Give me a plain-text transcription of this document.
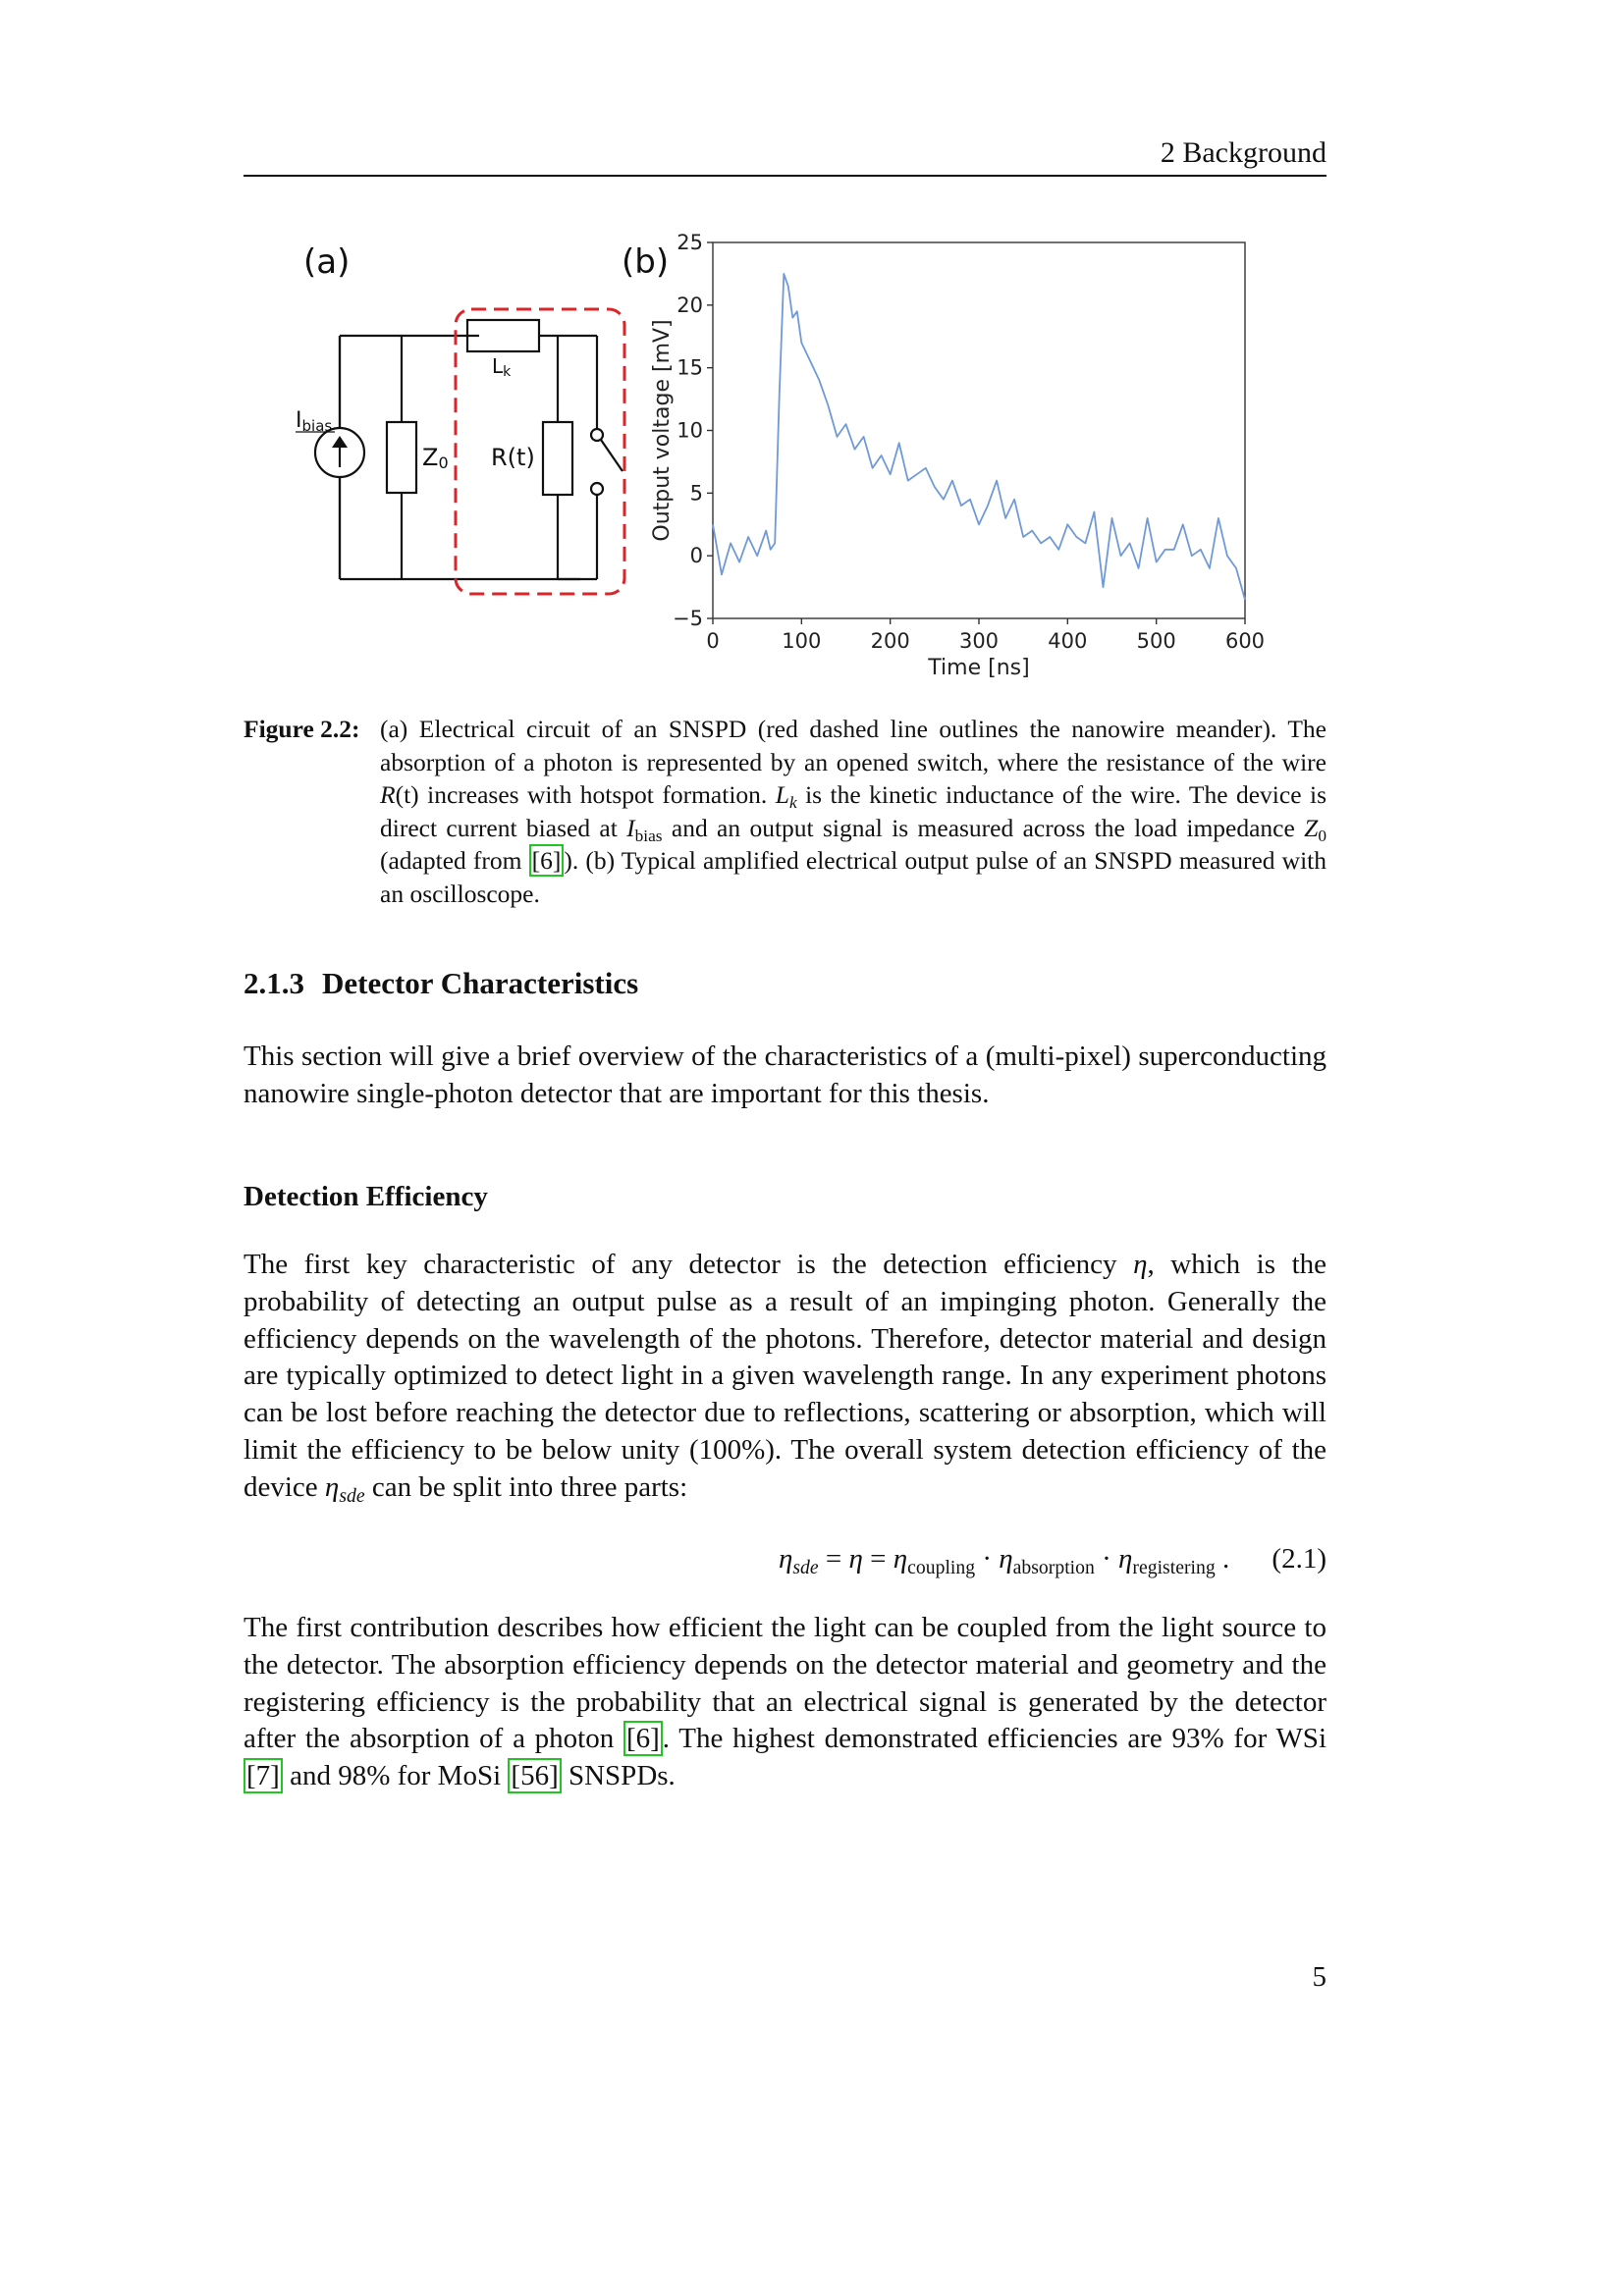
2 Background
(a)
Ibias
Z0
Lk
R(t)
(b)
0	100 200 300 400 500 600
−5
0
5
10
15
20
25
Time [ns]
Output voltage [mV]
Figure 2.2: (a) Electrical circuit of an SNSPD (red dashed line outlines the nanowire meander). The absorption of a photon is represented by an opened switch, where the resistance of the wire R(t) increases with hotspot formation. $L_k$ is the kinetic inductance of the wire. The device is direct current biased at $I_{bias}$ and an output signal is measured across the load impedance $Z_0$ (adapted from [6] ). (b) Typical amplified electrical output pulse of an SNSPD measured with an oscilloscope.
2.1.3 Detector Characteristics
This section will give a brief overview of the characteristics of a (multi-pixel) superconducting nanowire single-photon detector that are important for this thesis.
Detection Efficiency
The first key characteristic of any detector is the detection efficiency η, which is the probability of detecting an output pulse as a result of an impinging photon. Generally the efficiency depends on the wavelength of the photons. Therefore, detector material and design are typically optimized to detect light in a given wavelength range. In any experiment photons can be lost before reaching the detector due to reflections, scattering or absorption, which will limit the efficiency to be below unity (100%). The overall system detection efficiency of the device $\eta_{sde}$ can be split into three parts:
$\eta_{sde} = \eta = \eta_{coupling} \cdot \eta_{absorption} \cdot \eta_{registering}$ . (2.1)
The first contribution describes how efficient the light can be coupled from the light source to the detector. The absorption efficiency depends on the detector material and geometry and the registering efficiency is the probability that an electrical signal is generated by the detector after the absorption of a photon [6] . The highest demonstrated efficiencies are 93% for WSi [7] and 98% for MoSi [56] SNSPDs.
5
